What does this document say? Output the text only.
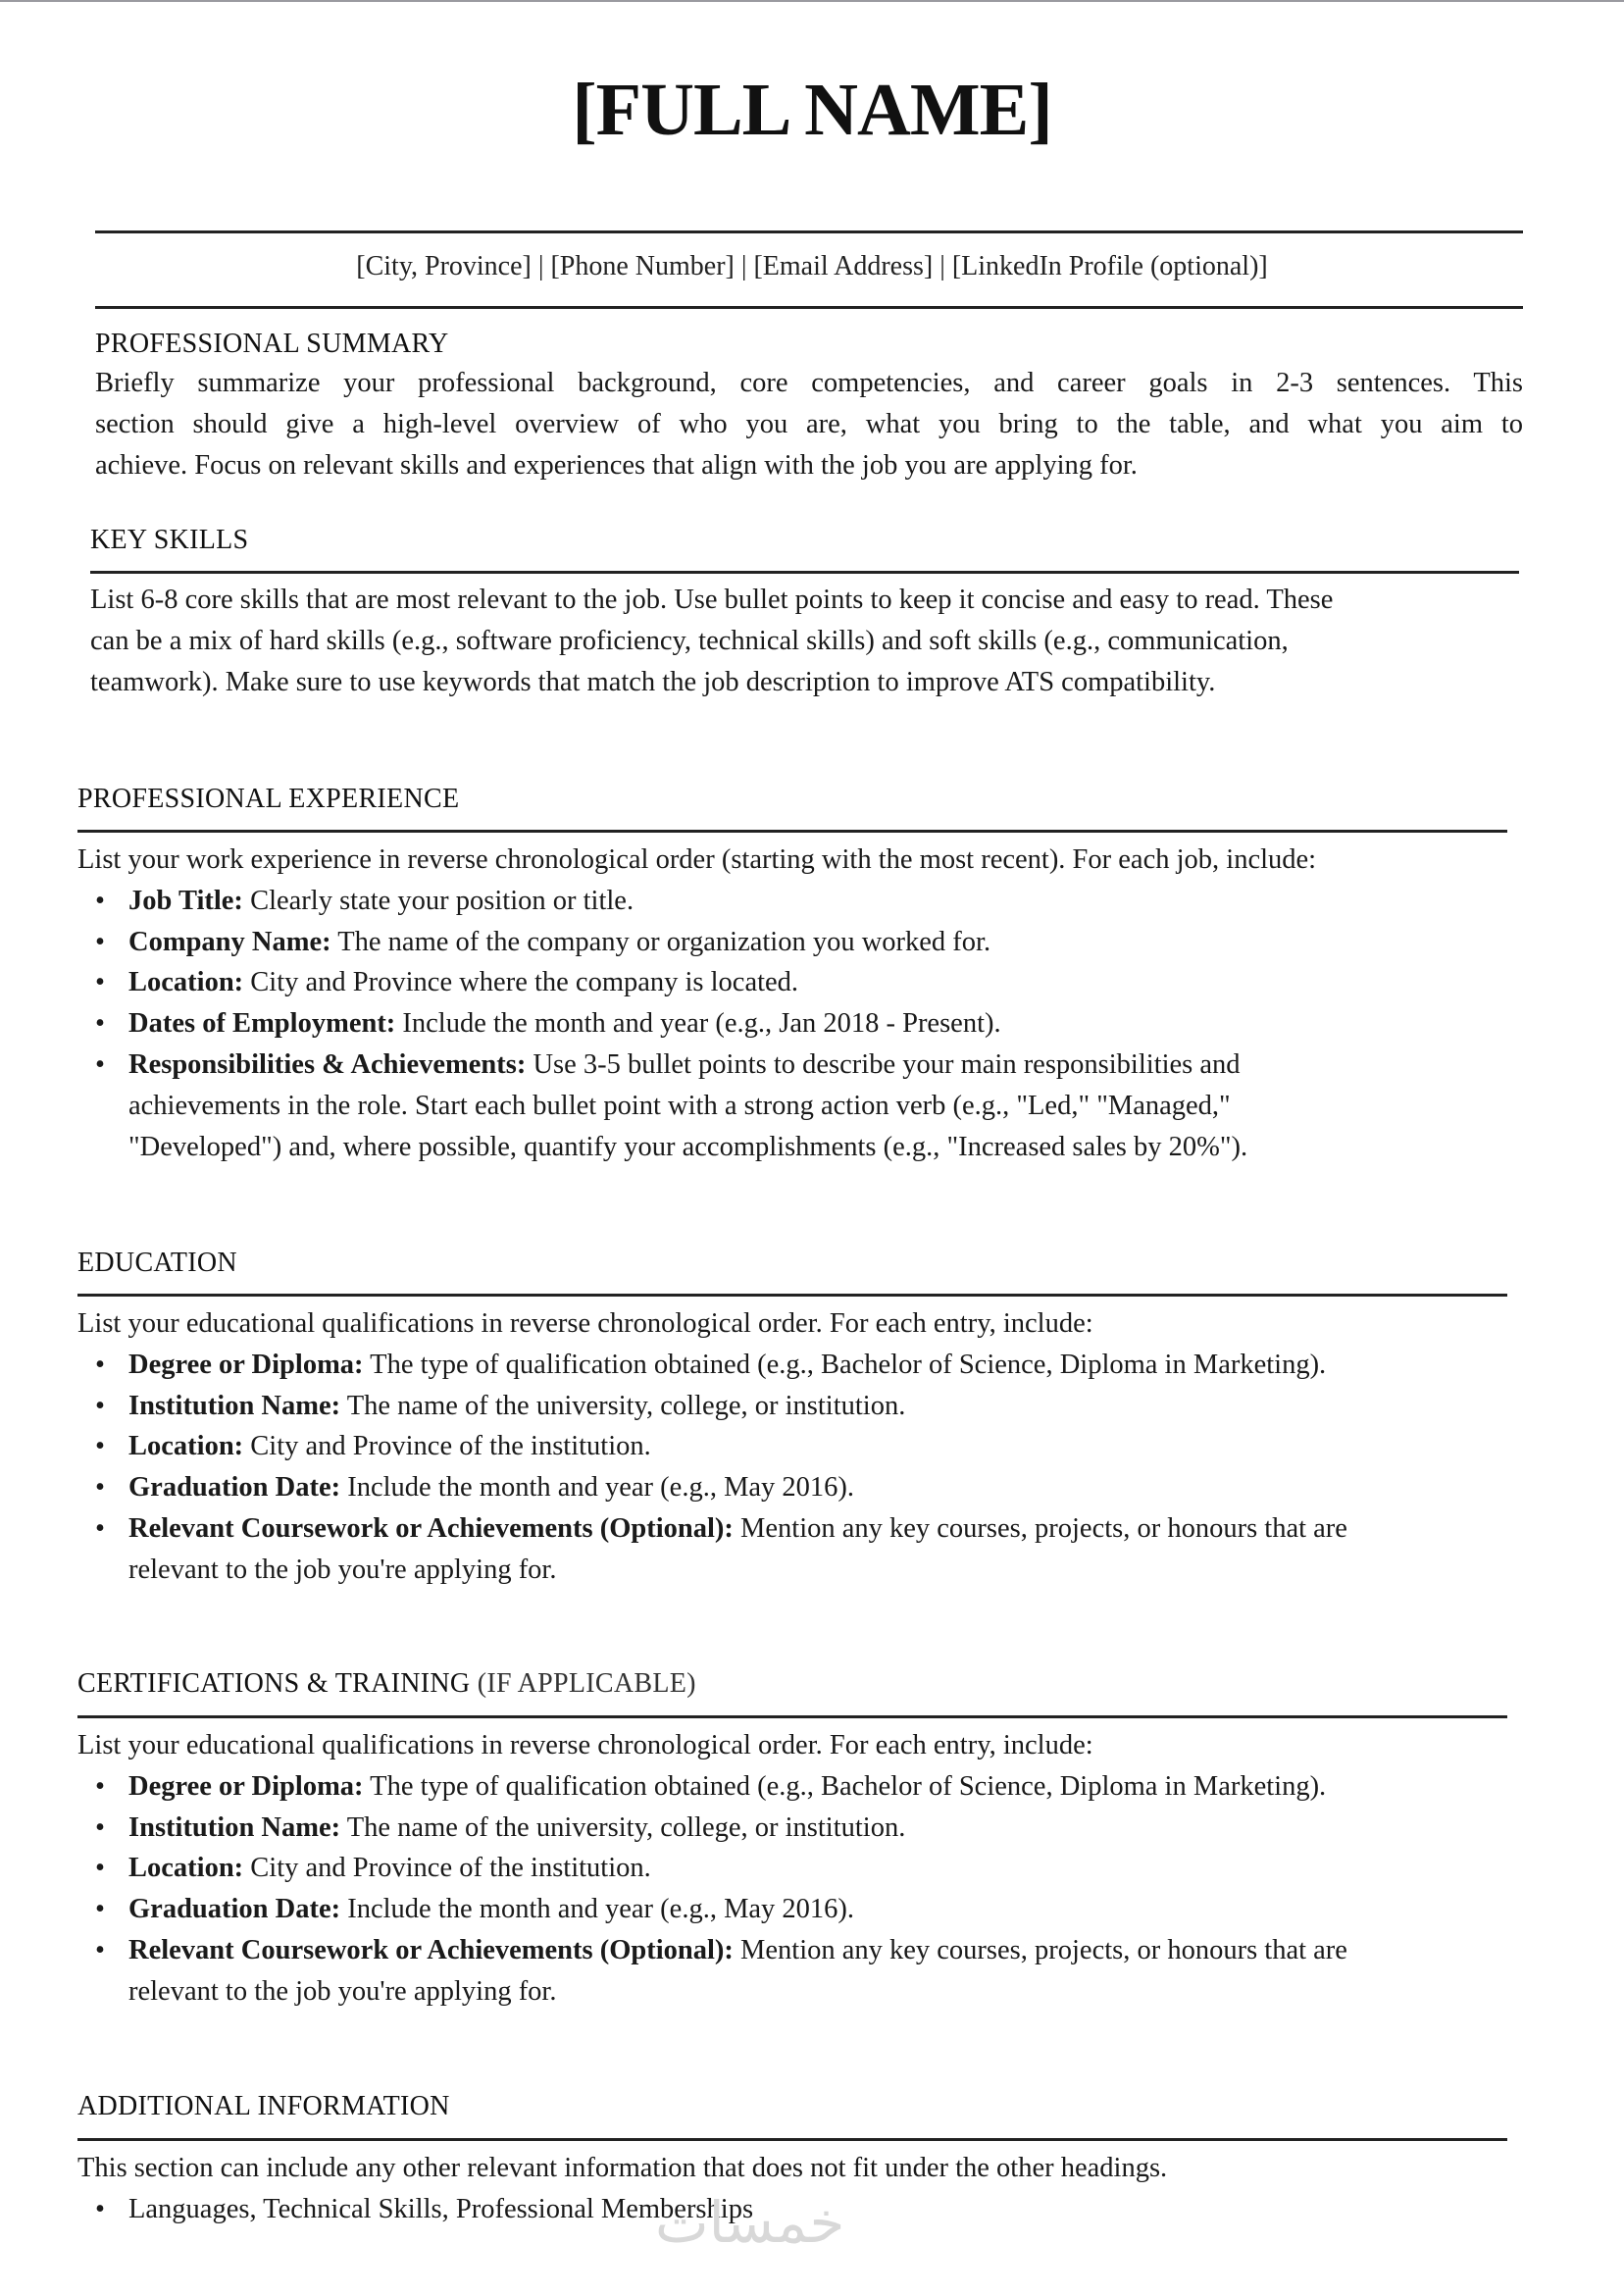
[FULL NAME]
[City, Province] | [Phone Number] | [Email Address] | [LinkedIn Profile (optional)]
PROFESSIONAL SUMMARY
Briefly summarize your professional background, core competencies, and career goals in 2-3 sentences. This
section should give a high-level overview of who you are, what you bring to the table, and what you aim to
achieve. Focus on relevant skills and experiences that align with the job you are applying for.
KEY SKILLS
List 6-8 core skills that are most relevant to the job. Use bullet points to keep it concise and easy to read. These
can be a mix of hard skills (e.g., software proficiency, technical skills) and soft skills (e.g., communication,
teamwork). Make sure to use keywords that match the job description to improve ATS compatibility.
PROFESSIONAL EXPERIENCE
List your work experience in reverse chronological order (starting with the most recent). For each job, include:
• Job Title: Clearly state your position or title.
• Company Name: The name of the company or organization you worked for.
• Location: City and Province where the company is located.
• Dates of Employment: Include the month and year (e.g., Jan 2018 - Present).
• Responsibilities & Achievements: Use 3-5 bullet points to describe your main responsibilities and
achievements in the role. Start each bullet point with a strong action verb (e.g., "Led," "Managed,"
"Developed") and, where possible, quantify your accomplishments (e.g., "Increased sales by 20%").
EDUCATION
List your educational qualifications in reverse chronological order. For each entry, include:
• Degree or Diploma: The type of qualification obtained (e.g., Bachelor of Science, Diploma in Marketing).
• Institution Name: The name of the university, college, or institution.
• Location: City and Province of the institution.
• Graduation Date: Include the month and year (e.g., May 2016).
• Relevant Coursework or Achievements (Optional): Mention any key courses, projects, or honours that are
relevant to the job you're applying for.
CERTIFICATIONS & TRAINING (IF APPLICABLE)
List your educational qualifications in reverse chronological order. For each entry, include:
• Degree or Diploma: The type of qualification obtained (e.g., Bachelor of Science, Diploma in Marketing).
• Institution Name: The name of the university, college, or institution.
• Location: City and Province of the institution.
• Graduation Date: Include the month and year (e.g., May 2016).
• Relevant Coursework or Achievements (Optional): Mention any key courses, projects, or honours that are
relevant to the job you're applying for.
ADDITIONAL INFORMATION
This section can include any other relevant information that does not fit under the other headings.
• Languages, Technical Skills, Professional Memberships
خمسات
